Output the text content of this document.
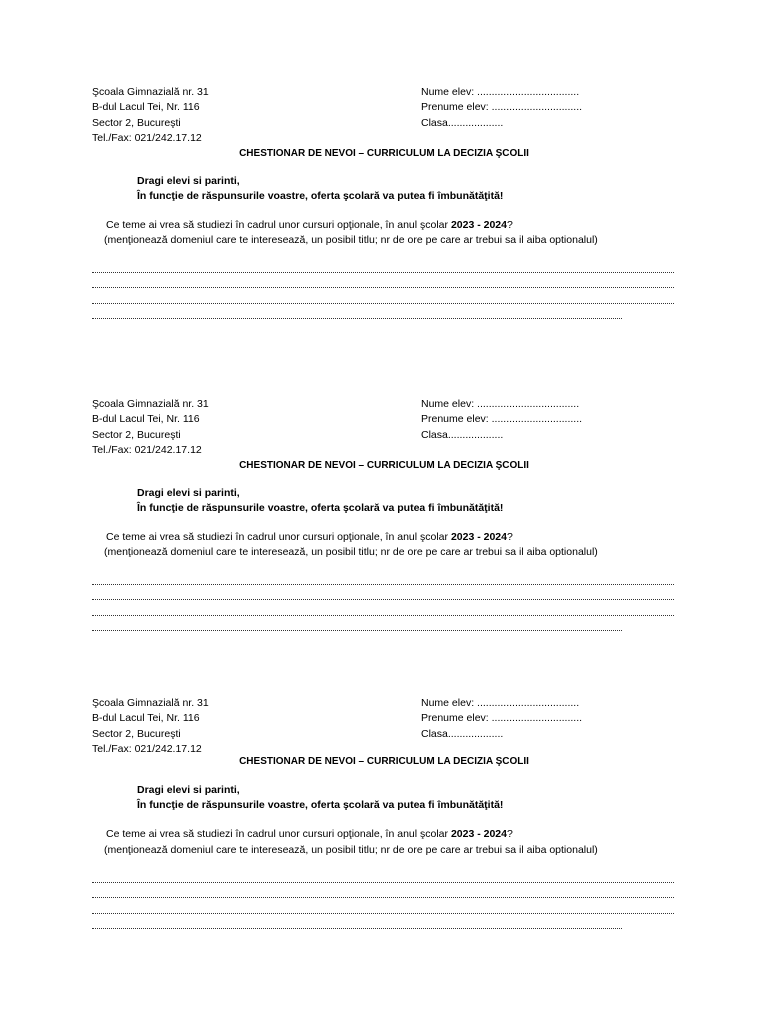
Şcoala Gimnazială nr. 31
B-dul Lacul Tei, Nr. 116
Sector 2, Bucureşti
Tel./Fax: 021/242.17.12
Nume elev: ...................................
Prenume elev: ...............................
Clasa...................
CHESTIONAR DE NEVOI – CURRICULUM LA DECIZIA ŞCOLII
Dragi elevi si parinti,
În funcţie de răspunsurile voastre, oferta şcolară va putea fi îmbunătăţită!
Ce teme ai vrea să studiezi în cadrul unor cursuri opţionale, în anul şcolar 2023 - 2024?
(menţionează domeniul care te interesează, un posibil titlu; nr de ore pe care ar trebui sa il aiba optionalul)
Şcoala Gimnazială nr. 31
B-dul Lacul Tei, Nr. 116
Sector 2, Bucureşti
Tel./Fax: 021/242.17.12
Nume elev: ...................................
Prenume elev: ...............................
Clasa...................
CHESTIONAR DE NEVOI – CURRICULUM LA DECIZIA ŞCOLII
Dragi elevi si parinti,
În funcţie de răspunsurile voastre, oferta şcolară va putea fi îmbunătăţită!
Ce teme ai vrea să studiezi în cadrul unor cursuri opţionale, în anul şcolar 2023 - 2024?
(menţionează domeniul care te interesează, un posibil titlu; nr de ore pe care ar trebui sa il aiba optionalul)
Şcoala Gimnazială nr. 31
B-dul Lacul Tei, Nr. 116
Sector 2, Bucureşti
Tel./Fax: 021/242.17.12
Nume elev: ...................................
Prenume elev: ...............................
Clasa...................
CHESTIONAR DE NEVOI – CURRICULUM LA DECIZIA ŞCOLII
Dragi elevi si parinti,
În funcţie de răspunsurile voastre, oferta şcolară va putea fi îmbunătăţită!
Ce teme ai vrea să studiezi în cadrul unor cursuri opţionale, în anul şcolar 2023 - 2024?
(menţionează domeniul care te interesează, un posibil titlu; nr de ore pe care ar trebui sa il aiba optionalul)
